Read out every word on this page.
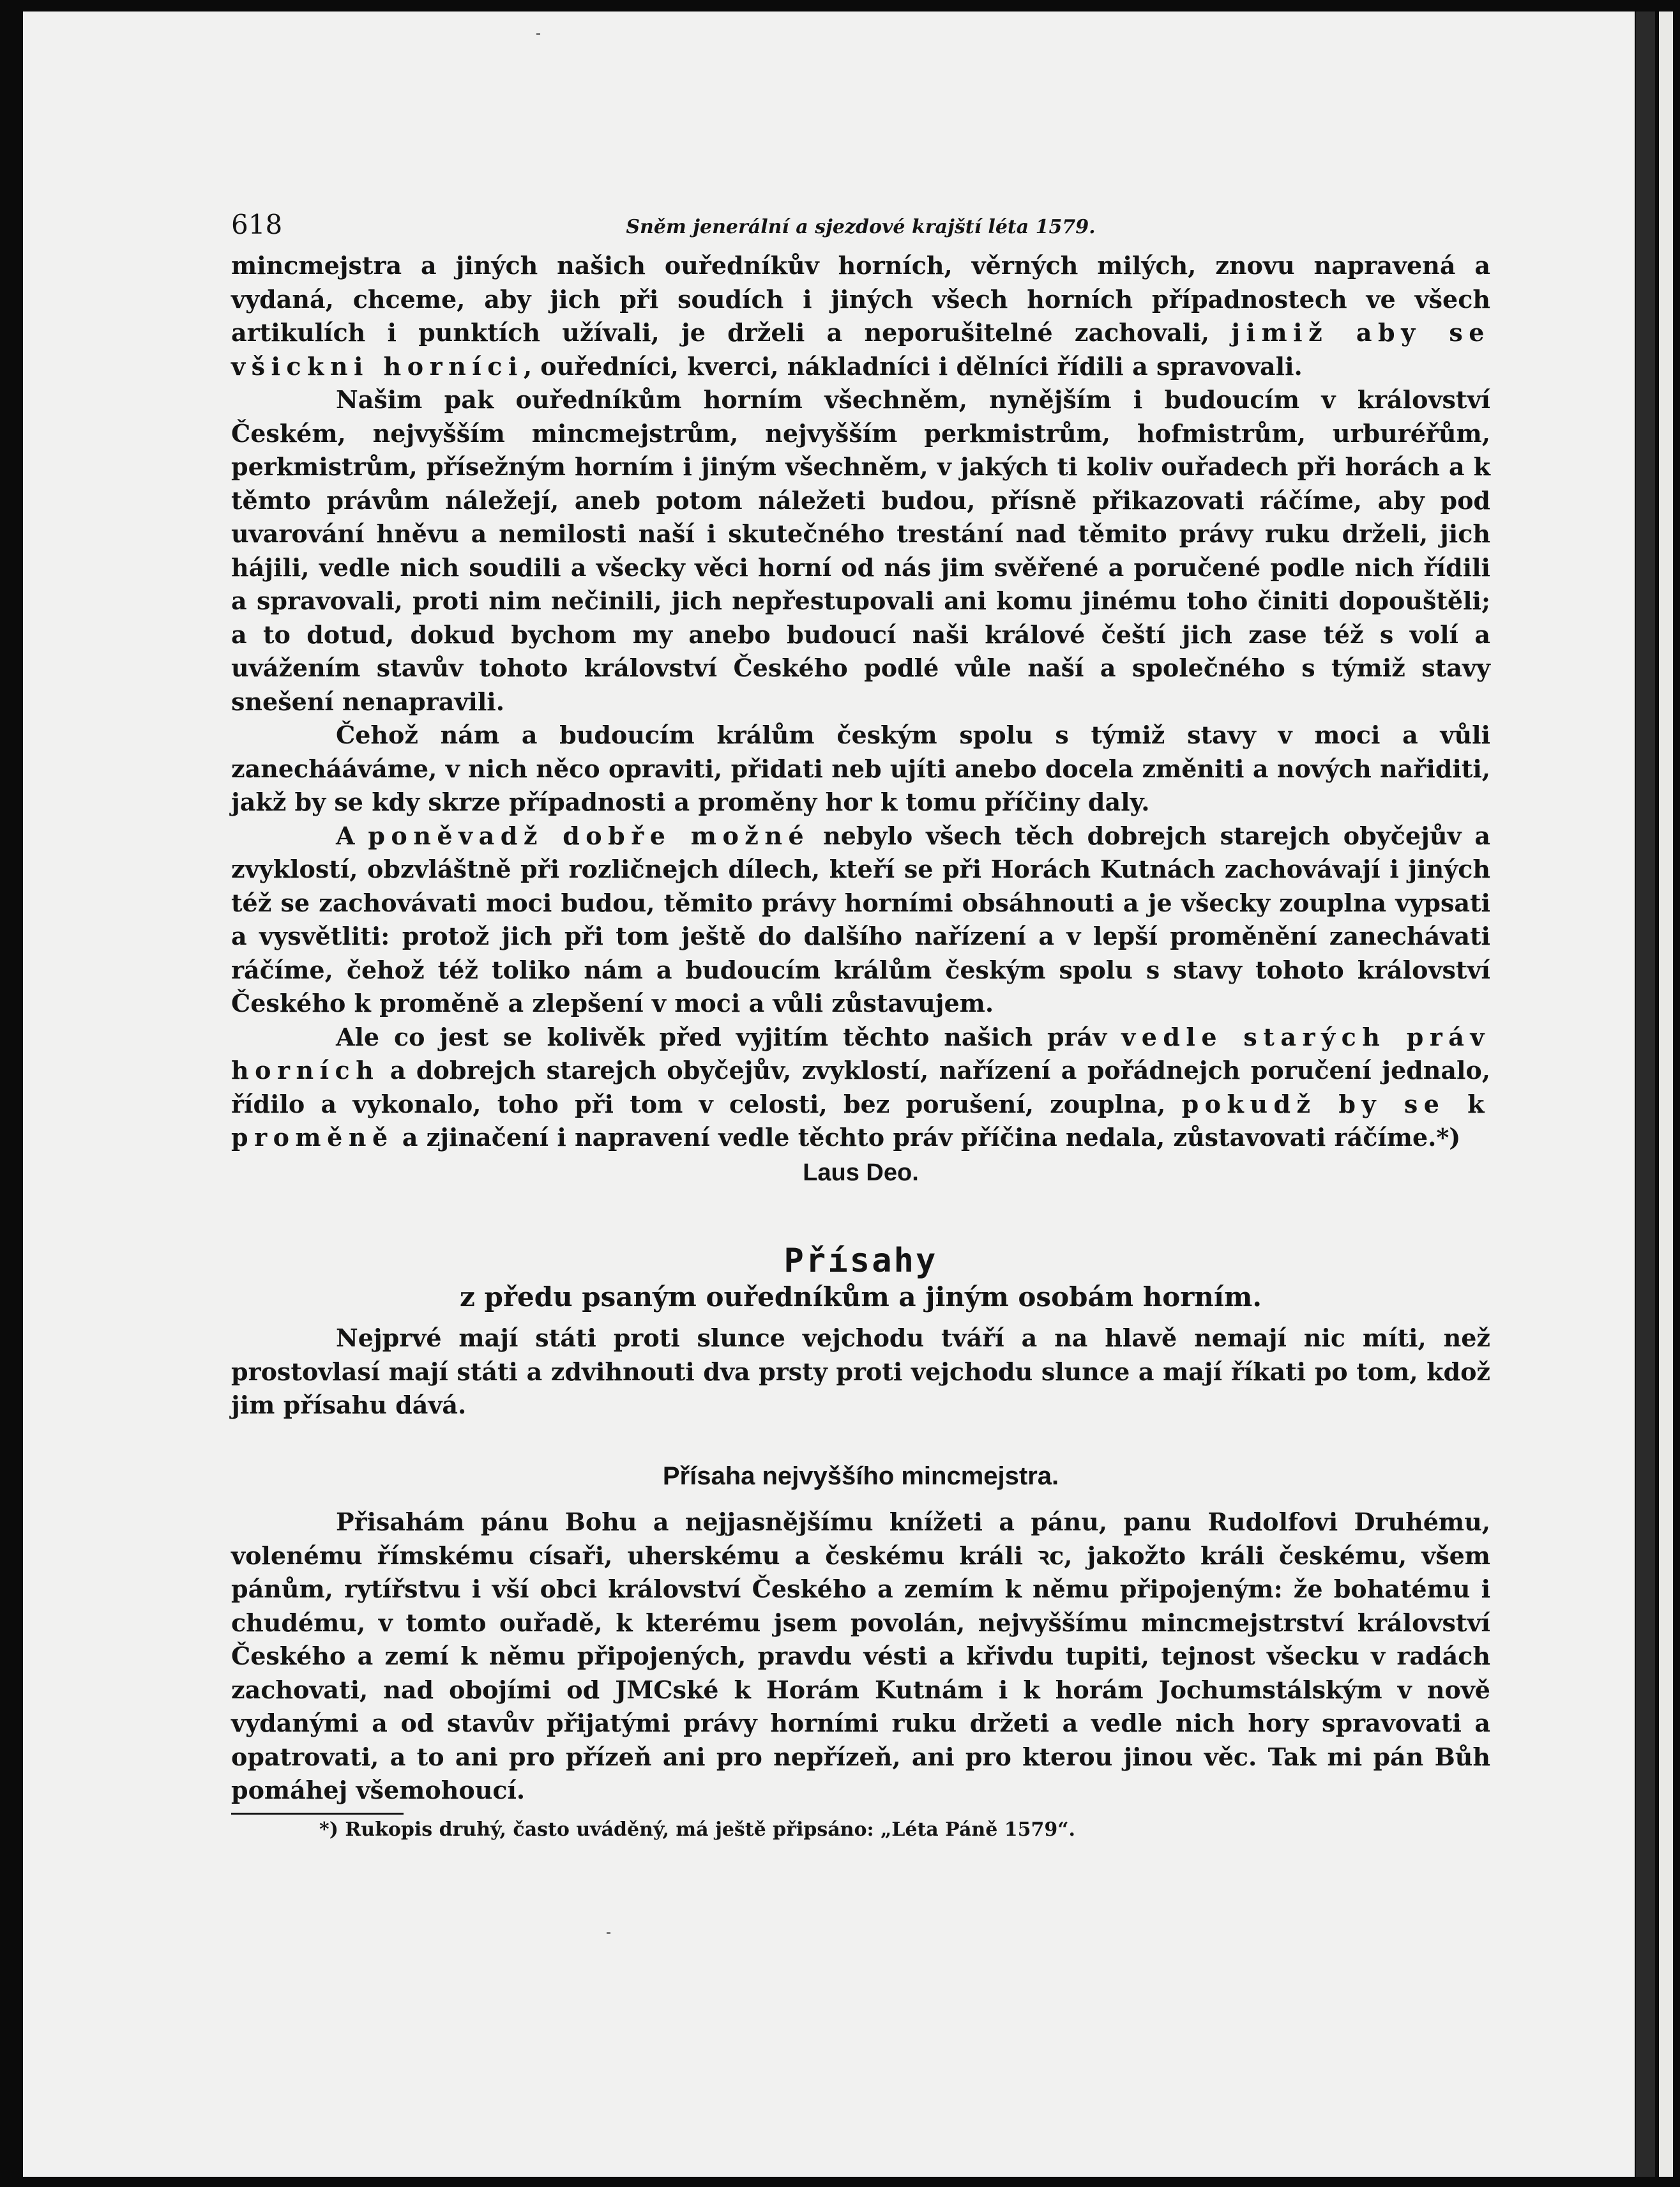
618	Sněm jenerální a sjezdové krajští léta 1579.

mincmejstra a jiných našich ouředníkův horních, věrných milých, znovu napravená a vydaná, chceme, aby jich při soudích i jiných všech horních případnostech ve všech artikulích i punktích užívali, je drželi a neporušitelné zachovali, jimiž aby se všickni horníci, ouředníci, kverci, nákladníci i dělníci řídili a spravovali.

Našim pak ouředníkům horním všechněm, nynějším i budoucím v království Českém, nejvyšším mincmejstrům, nejvyšším perkmistrům, hofmistrům, urburéřům, perkmistrům, přísežným horním i jiným všechněm, v jakých ti koliv ouřadech při horách a k těmto právům náležejí, aneb potom náležeti budou, přísně přikazovati ráčíme, aby pod uvarování hněvu a nemilosti naší i skutečného trestání nad těmito právy ruku drželi, jich hájili, vedle nich soudili a všecky věci horní od nás jim svěřené a poručené podle nich řídili a spravovali, proti nim nečinili, jich nepřestupovali ani komu jinému toho činiti dopouštěli; a to dotud, dokud bychom my anebo budoucí naši králové čeští jich zase též s volí a uvážením stavův tohoto království Českého podlé vůle naší a společného s týmiž stavy snešení nenapravili.

Čehož nám a budoucím králům českým spolu s týmiž stavy v moci a vůli zanechááváme, v nich něco opraviti, přidati neb ujíti anebo docela změniti a nových nařiditi, jakž by se kdy skrze případnosti a proměny hor k tomu příčiny daly.

A poněvadž dobře možné nebylo všech těch dobrejch starejch obyčejův a zvyklostí, obzvláštně při rozličnejch dílech, kteří se při Horách Kutnách zachovávají i jiných též se zachovávati moci budou, těmito právy horními obsáhnouti a je všecky zouplna vypsati a vysvětliti: protož jich při tom ještě do dalšího nařízení a v lepší proměnění zanechávati ráčíme, čehož též toliko nám a budoucím králům českým spolu s stavy tohoto království Českého k proměně a zlepšení v moci a vůli zůstavujem.

Ale co jest se kolivěk před vyjitím těchto našich práv vedle starých práv horních a dobrejch starejch obyčejův, zvyklostí, nařízení a pořádnejch poručení jednalo, řídilo a vykonalo, toho při tom v celosti, bez porušení, zouplna, pokudž by se k proměně a zjinačení i napravení vedle těchto práv příčina nedala, zůstavovati ráčíme.*)

Laus Deo.
Přísahy
z předu psaným ouředníkům a jiným osobám horním.

Nejprvé mají státi proti slunce vejchodu tváří a na hlavě nemají nic míti, než prostovlasí mají státi a zdvihnouti dva prsty proti vejchodu slunce a mají říkati po tom, kdož jim přísahu dává.

Přísaha nejvyššího mincmejstra.

Přisahám pánu Bohu a nejjasnějšímu knížeti a pánu, panu Rudolfovi Druhému, volenému římskému císaři, uherskému a českému králi ꝛc, jakožto králi českému, všem pánům, rytířstvu i vší obci království Českého a zemím k němu připojeným: že bohatému i chudému, v tomto ouřadě, k kterému jsem povolán, nejvyššímu mincmejstrství království Českého a zemí k němu připojených, pravdu vésti a křivdu tupiti, tejnost všecku v radách zachovati, nad obojími od JMCské k Horám Kutnám i k horám Jochumstálským v nově vydanými a od stavův přijatými právy horními ruku držeti a vedle nich hory spravovati a opatrovati, a to ani pro přízeň ani pro nepřízeň, ani pro kterou jinou věc. Tak mi pán Bůh pomáhej všemohoucí.

*) Rukopis druhý, často uváděný, má ještě připsáno: „Léta Páně 1579“.
